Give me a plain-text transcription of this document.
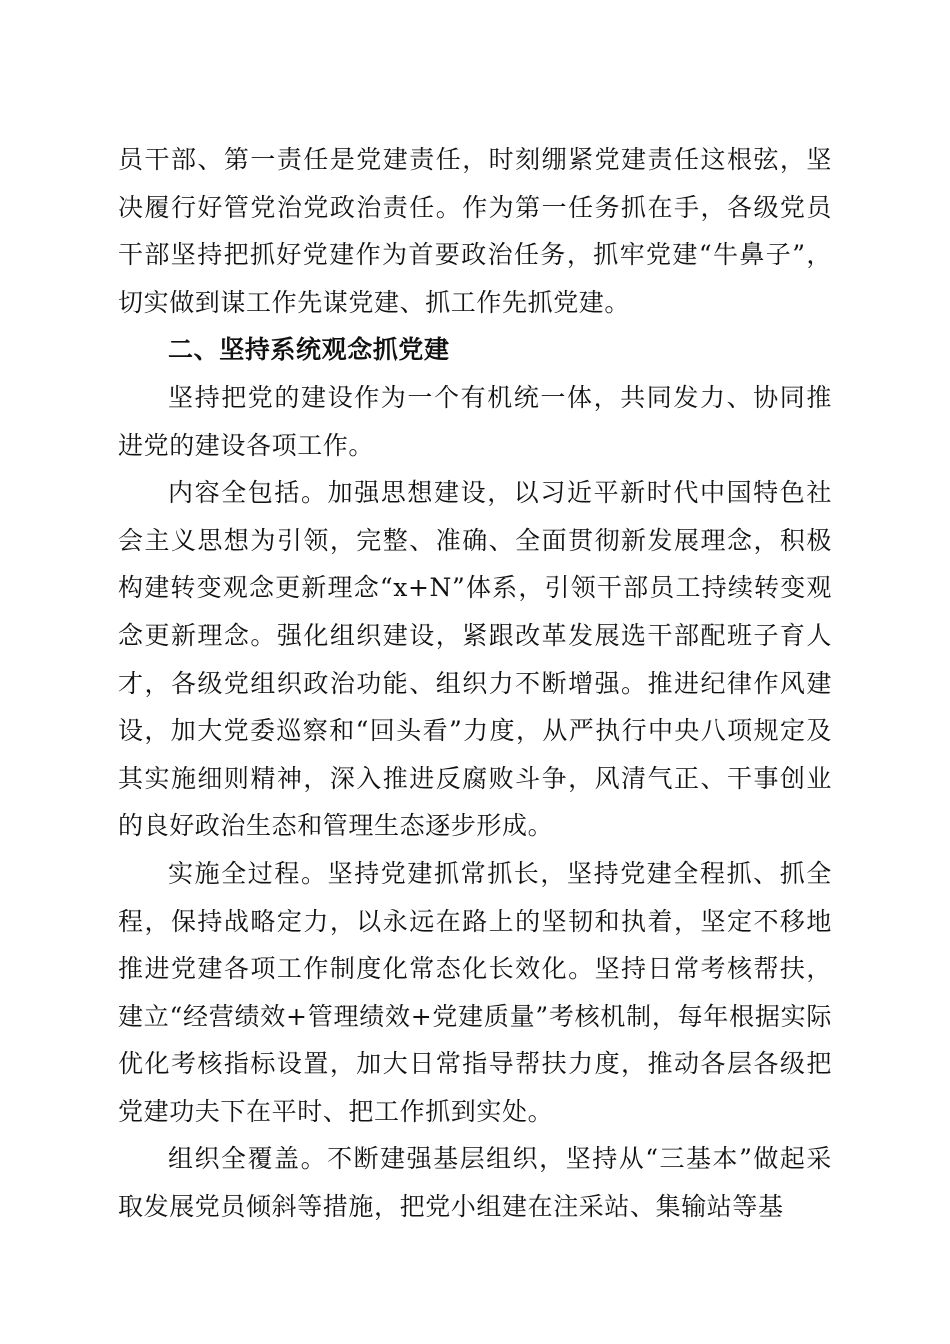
员干部、第一责任是党建责任，时刻绷紧党建责任这根弦，坚决履行好管党治党政治责任。作为第一任务抓在手，各级党员干部坚持把抓好党建作为首要政治任务，抓牢党建“牛鼻子”，切实做到谋工作先谋党建、抓工作先抓党建。

二、坚持系统观念抓党建

坚持把党的建设作为一个有机统一体，共同发力、协同推进党的建设各项工作。

内容全包括。加强思想建设，以习近平新时代中国特色社会主义思想为引领，完整、准确、全面贯彻新发展理念，积极构建转变观念更新理念“x+N”体系，引领干部员工持续转变观念更新理念。强化组织建设，紧跟改革发展选干部配班子育人才，各级党组织政治功能、组织力不断增强。推进纪律作风建设，加大党委巡察和“回头看”力度，从严执行中央八项规定及其实施细则精神，深入推进反腐败斗争，风清气正、干事创业的良好政治生态和管理生态逐步形成。

实施全过程。坚持党建抓常抓长，坚持党建全程抓、抓全程，保持战略定力，以永远在路上的坚韧和执着，坚定不移地推进党建各项工作制度化常态化长效化。坚持日常考核帮扶，建立“经营绩效+管理绩效+党建质量”考核机制，每年根据实际优化考核指标设置，加大日常指导帮扶力度，推动各层各级把党建功夫下在平时、把工作抓到实处。

组织全覆盖。不断建强基层组织，坚持从“三基本”做起采取发展党员倾斜等措施，把党小组建在注采站、集输站等基
